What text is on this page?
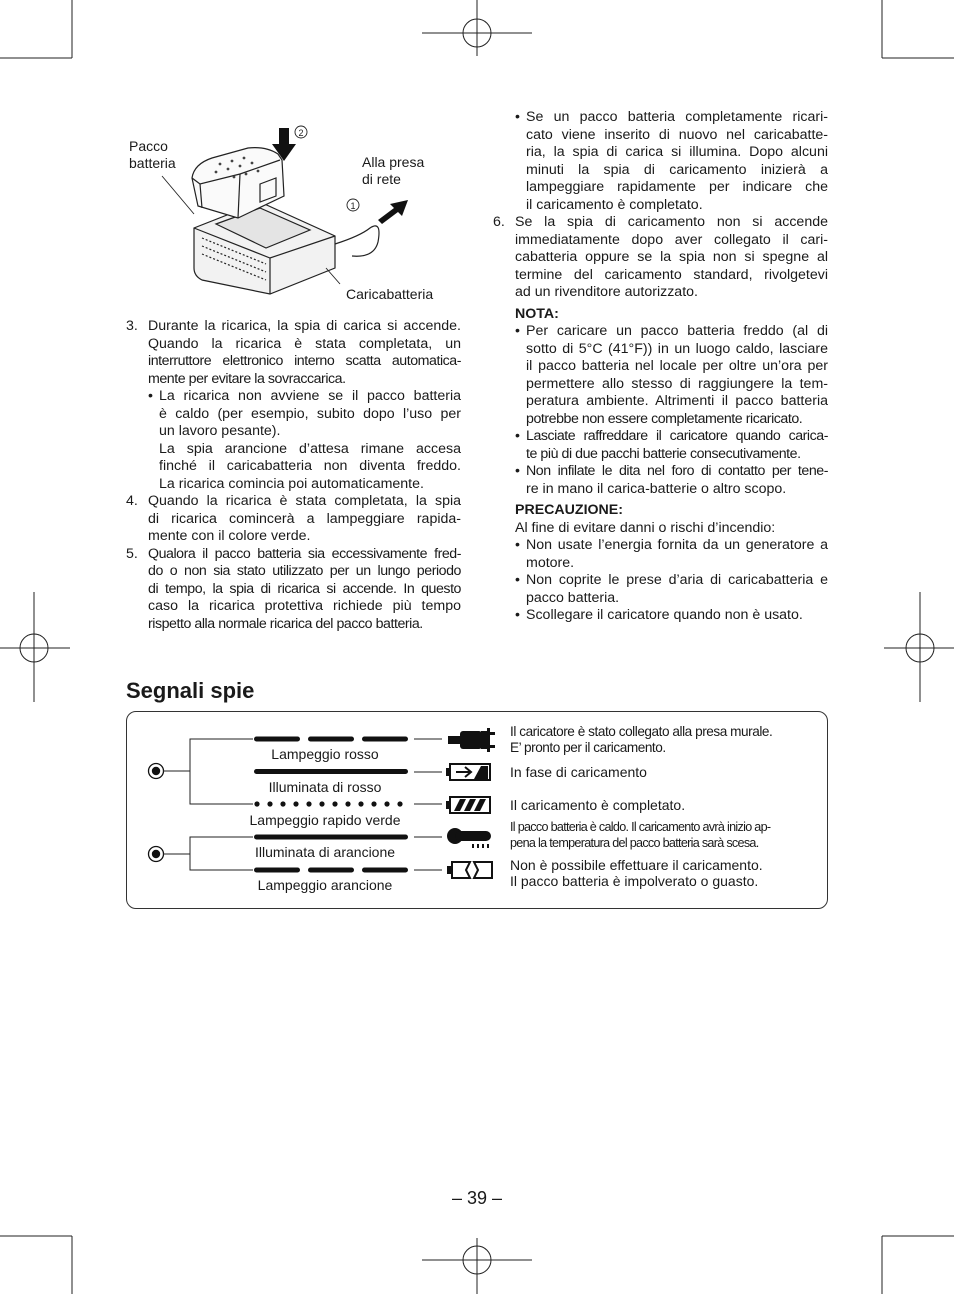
2
1
Pacco
batteria	Alla presa
di rete
Caricabatteria
3. Durante la ricarica, la spia di carica si accende.
Quando la ricarica è stata completata, un
interruttore elettronico interno scatta automatica-
mente per evitare la sovraccarica.
• La ricarica non avviene se il pacco batteria
è caldo (per esempio, subito dopo l’uso per
un lavoro pesante).
La spia arancione d’attesa rimane accesa
finché il caricabatteria non diventa freddo.
La ricarica comincia poi automaticamente.
4. Quando la ricarica è stata completata, la spia
di ricarica comincerà a lampeggiare rapida-
mente con il colore verde.
5. Qualora il pacco batteria sia eccessivamente fred-
do o non sia stato utilizzato per un lungo periodo
di tempo, la spia di ricarica si accende. In questo
caso la ricarica protettiva richiede più tempo
rispetto alla normale ricarica del pacco batteria.
• Se un pacco batteria completamente ricari-
cato viene inserito di nuovo nel caricabatte-
ria, la spia di carica si illumina. Dopo alcuni
minuti la spia di caricamento inizierà a
lampeggiare rapidamente per indicare che
il caricamento è completato.
6. Se la spia di caricamento non si accende
immediatamente dopo aver collegato il cari-
cabatteria oppure se la spia non si spegne al
termine del caricamento standard, rivolgetevi
ad un rivenditore autorizzato.
NOTA:
• Per caricare un pacco batteria freddo (al di
sotto di 5°C (41°F)) in un luogo caldo, lasciare
il pacco batteria nel locale per oltre un’ora per
permettere allo stesso di raggiungere la tem-
peratura ambiente. Altrimenti il pacco batteria
potrebbe non essere completamente ricaricato.
• Lasciate raffreddare il caricatore quando carica-
te più di due pacchi batterie consecutivamente.
• Non infilate le dita nel foro di contatto per tene-
re in mano il carica-batterie o altro scopo.
PRECAUZIONE:
Al fine di evitare danni o rischi d’incendio:
• Non usate l’energia fornita da un generatore a
motore.
• Non coprite le prese d’aria di caricabatteria e
pacco batteria.
• Scollegare il caricatore quando non è usato.
Segnali spie
Lampeggio rosso
Illuminata di rosso
Lampeggio rapido verde
Illuminata di arancione
Lampeggio arancione
Il caricatore è stato collegato alla presa murale.
E’ pronto per il caricamento.
In fase di caricamento
Il caricamento è completato.
Il pacco batteria è caldo. Il caricamento avrà inizio ap-
pena la temperatura del pacco batteria sarà scesa.
Non è possibile effettuare il caricamento.
Il pacco batteria è impolverato o guasto.
– 39 –
